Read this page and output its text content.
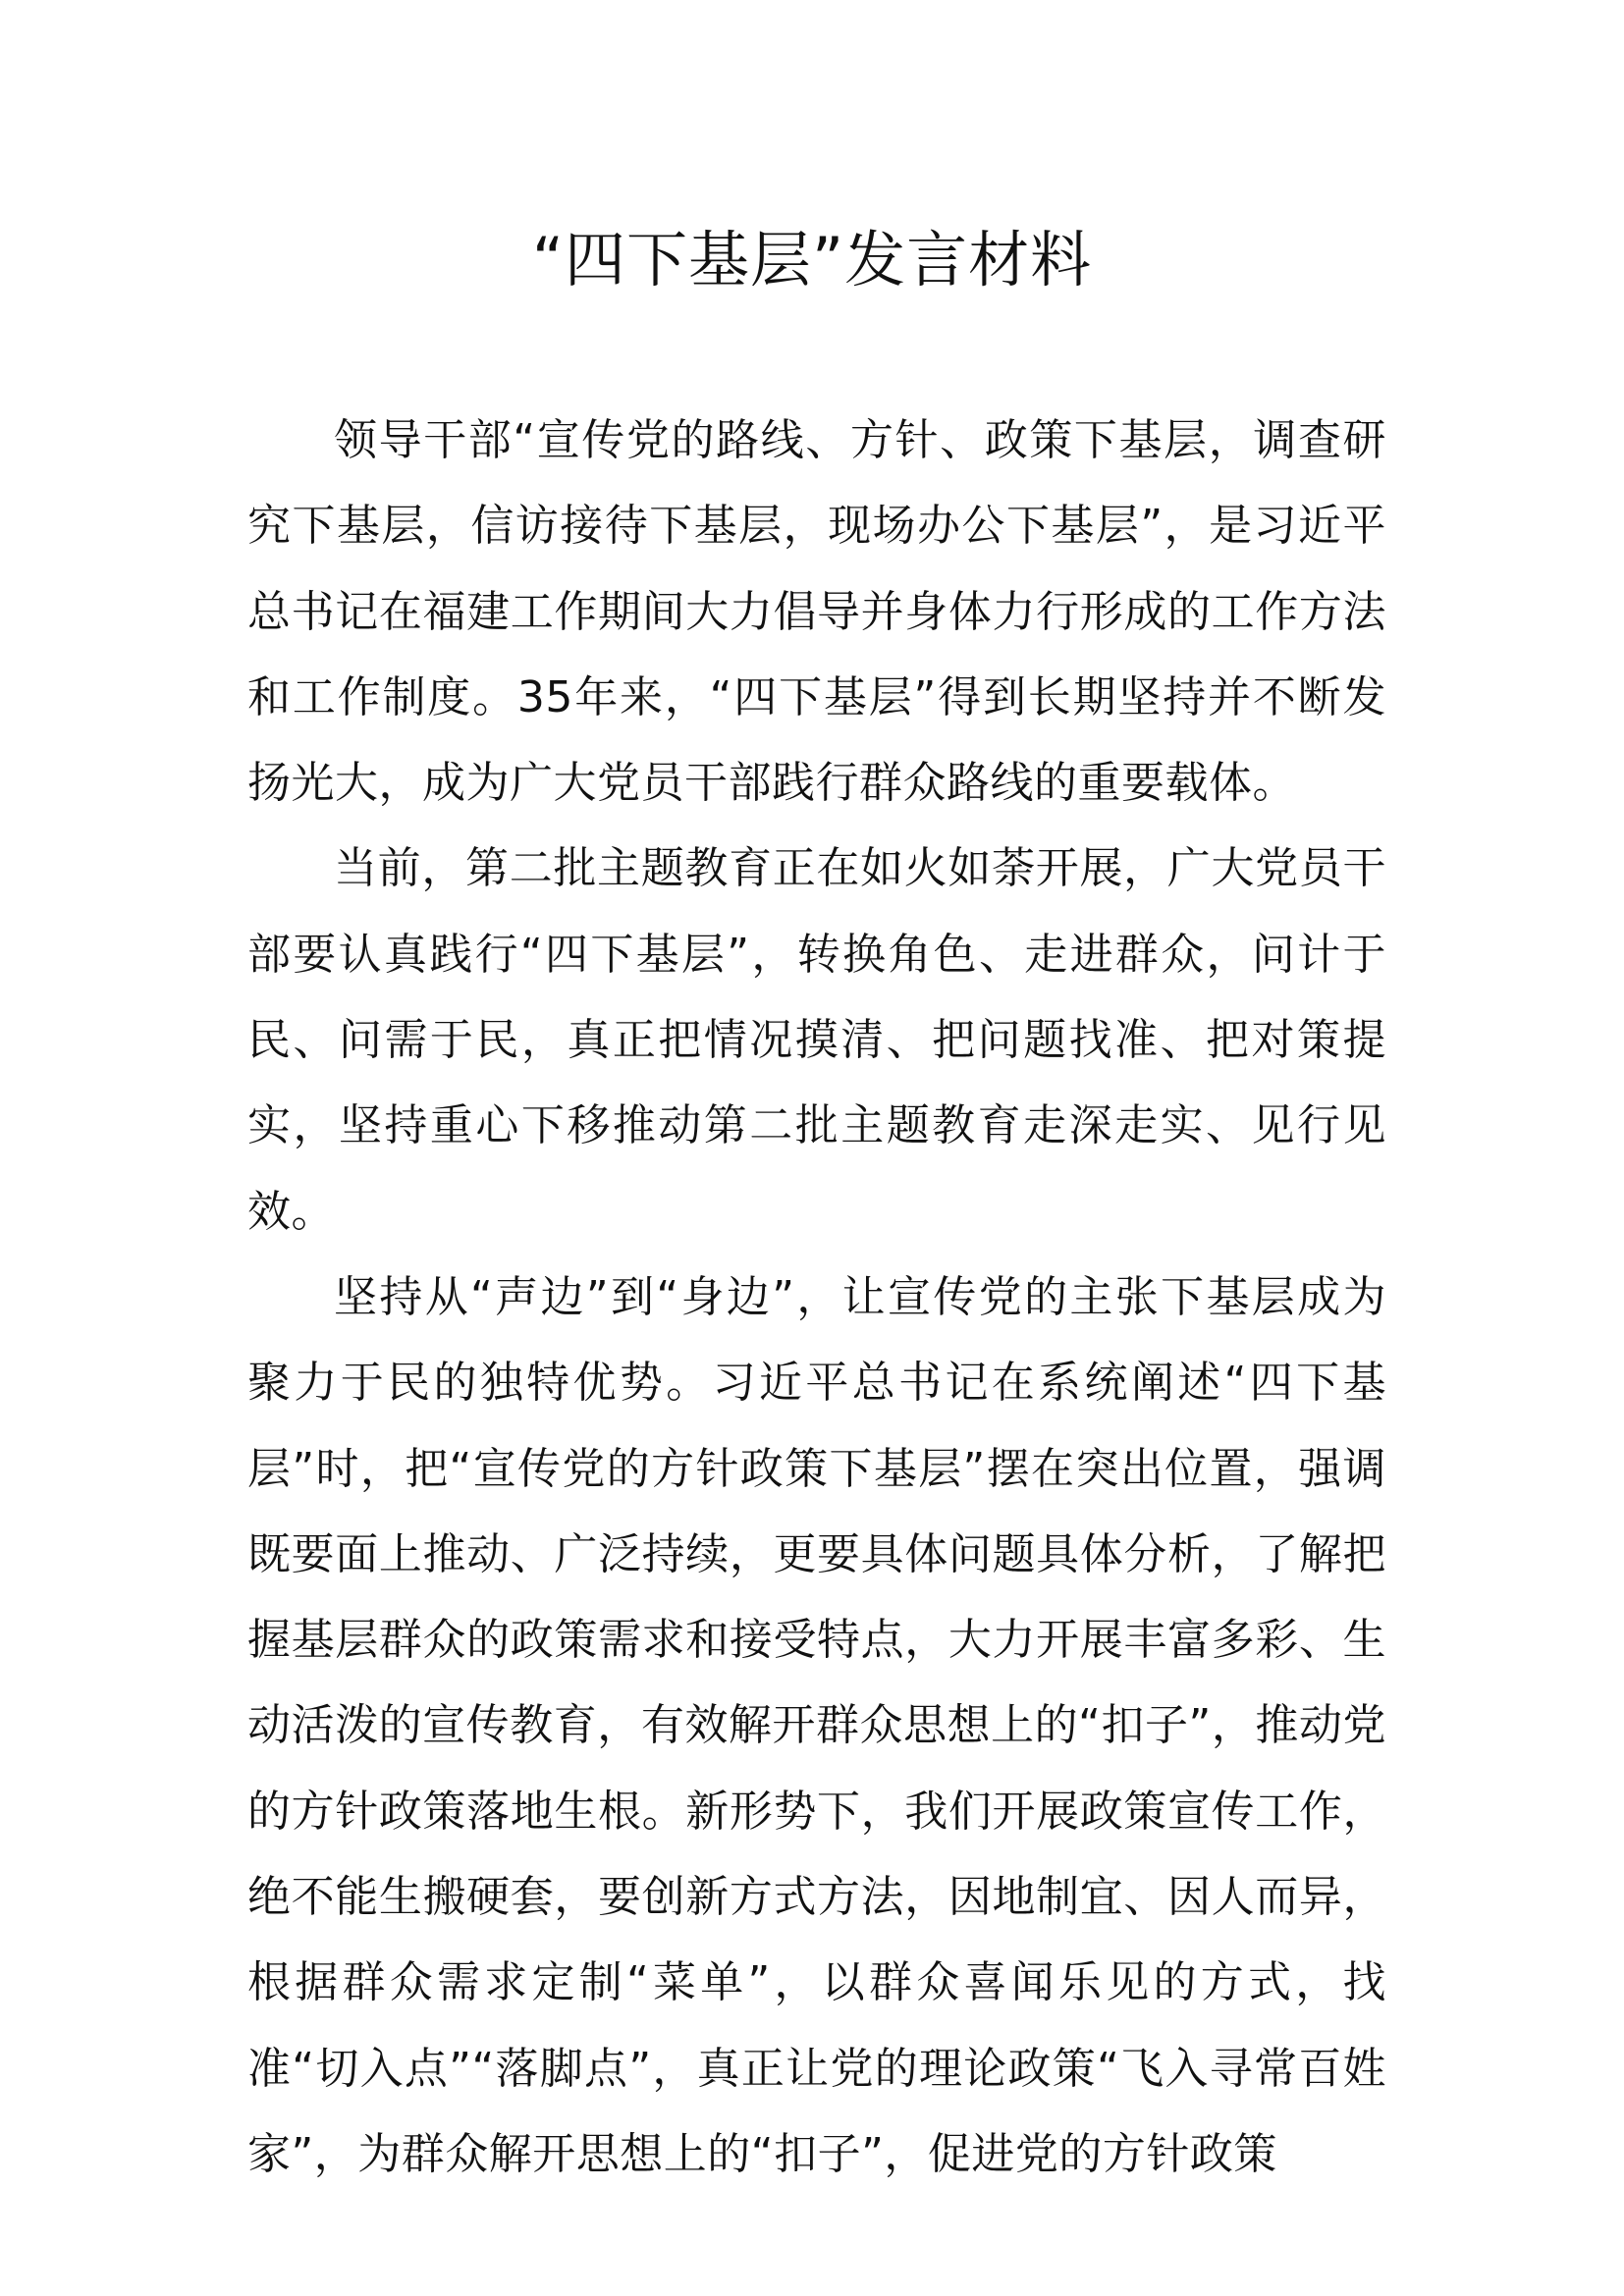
“四下基层”发言材料

领导干部“宣传党的路线、方针、政策下基层，调查研究下基层，信访接待下基层，现场办公下基层”，是习近平总书记在福建工作期间大力倡导并身体力行形成的工作方法和工作制度。35年来，“四下基层”得到长期坚持并不断发扬光大，成为广大党员干部践行群众路线的重要载体。

当前，第二批主题教育正在如火如荼开展，广大党员干部要认真践行“四下基层”，转换角色、走进群众，问计于民、问需于民，真正把情况摸清、把问题找准、把对策提实，坚持重心下移推动第二批主题教育走深走实、见行见效。

坚持从“声边”到“身边”，让宣传党的主张下基层成为聚力于民的独特优势。习近平总书记在系统阐述“四下基层”时，把“宣传党的方针政策下基层”摆在突出位置，强调既要面上推动、广泛持续，更要具体问题具体分析，了解把握基层群众的政策需求和接受特点，大力开展丰富多彩、生动活泼的宣传教育，有效解开群众思想上的“扣子”，推动党的方针政策落地生根。新形势下，我们开展政策宣传工作，绝不能生搬硬套，要创新方式方法，因地制宜、因人而异，根据群众需求定制“菜单”，以群众喜闻乐见的方式，找准“切入点”“落脚点”，真正让党的理论政策“飞入寻常百姓家”，为群众解开思想上的“扣子”，促进党的方针政策
